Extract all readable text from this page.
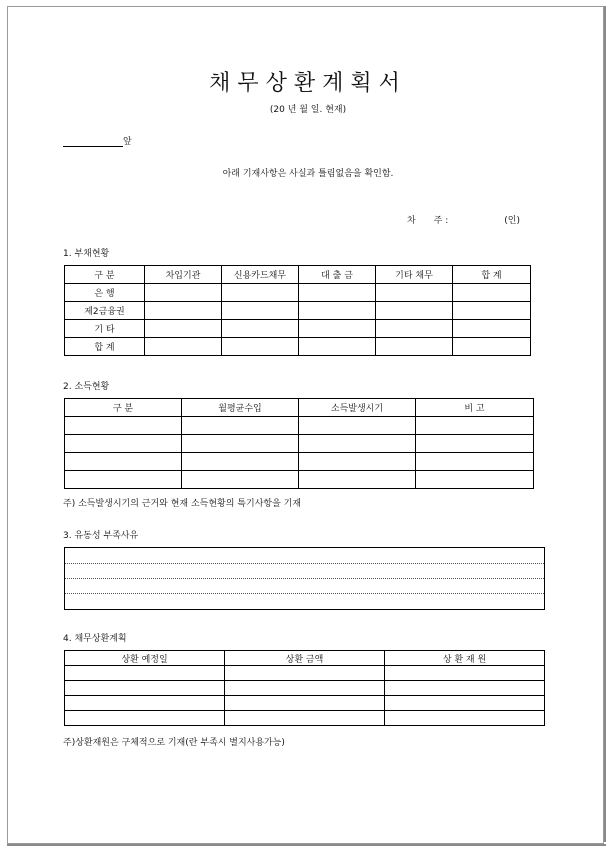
채무상환계획서
(20 년 월 일. 현재)
앞
아래 기재사항은 사실과 틀림없음을 확인함.
차 주 :	(인)
1. 부채현황
구 분	차입기관	신용카드채무	대 출 금	기타 채무	합 계
은 행					
제2금융권					
기 타					
합 계					
2. 소득현황
구 분	월평균수입	소득발생시기	비 고

주) 소득발생시기의 근거와 현재 소득현황의 특기사항을 기재
3. 유동성 부족사유
4. 채무상환계획
상환 예정일	상환 금액	상 환 재 원

주)상환재원은 구체적으로 기재(란 부족시 별지사용가능)
